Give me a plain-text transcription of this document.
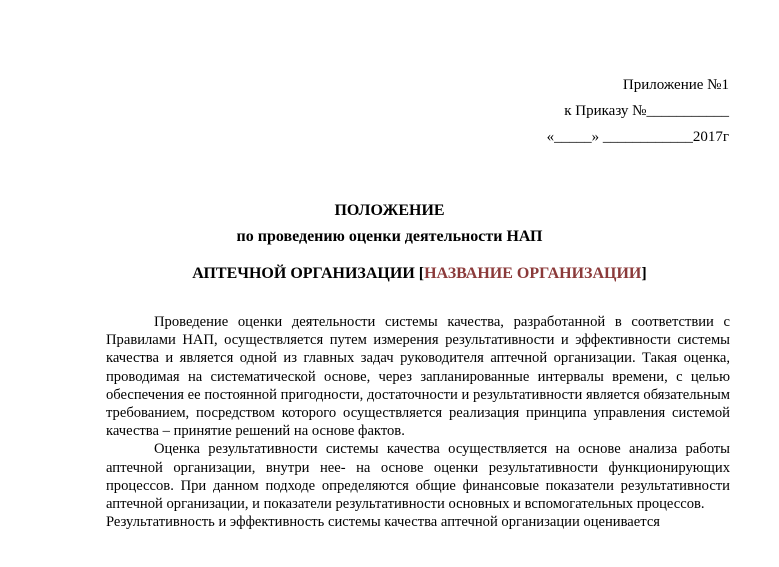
Приложение №1
к Приказу №___________
«_____» ____________2017г
ПОЛОЖЕНИЕ
по проведению оценки деятельности НАП
АПТЕЧНОЙ ОРГАНИЗАЦИИ [НАЗВАНИЕ ОРГАНИЗАЦИИ]

Проведение оценки деятельности системы качества, разработанной в соответствии с Правилами НАП, осуществляется путем измерения результативности и эффективности системы качества и является одной из главных задач руководителя аптечной организации. Такая оценка, проводимая на систематической основе, через запланированные интервалы времени, с целью обеспечения ее постоянной пригодности, достаточности и результативности является обязательным требованием, посредством которого осуществляется реализация принципа управления системой качества – принятие решений на основе фактов.

Оценка результативности системы качества осуществляется на основе анализа работы аптечной организации, внутри нее- на основе оценки результативности функционирующих процессов. При данном подходе определяются общие финансовые показатели результативности аптечной организации, и показатели результативности основных и вспомогательных процессов.

Результативность и эффективность системы качества аптечной организации оценивается
